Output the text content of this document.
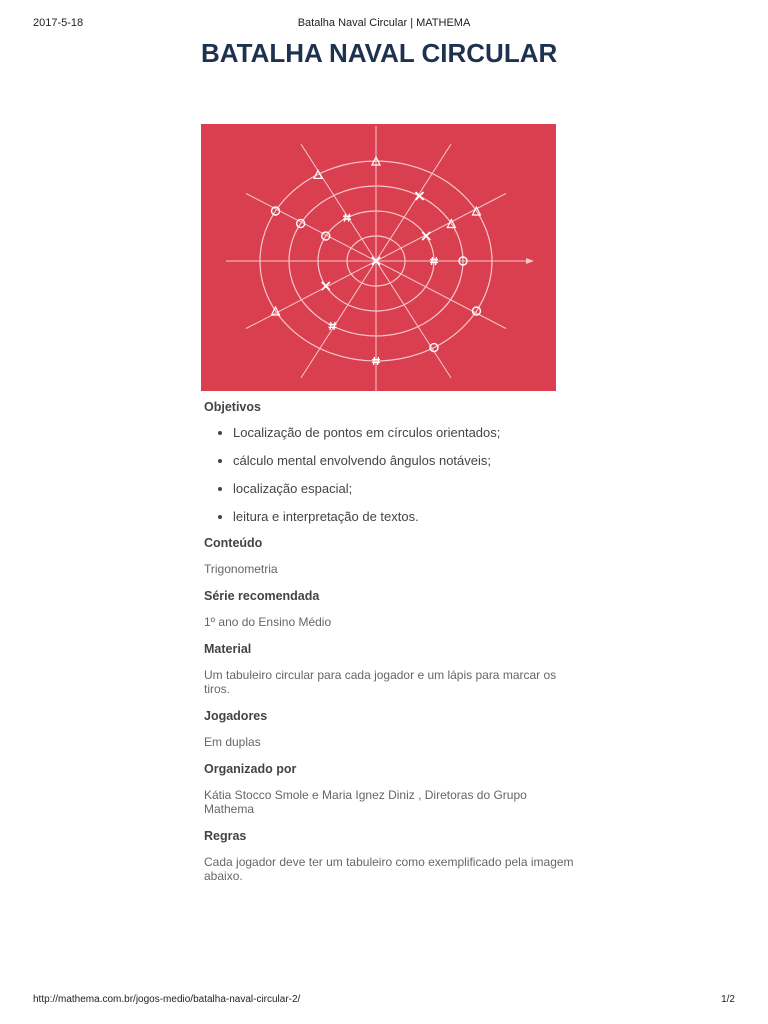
2017-5-18	Batalha Naval Circular | MATHEMA
BATALHA NAVAL CIRCULAR

Objetivos

• Localização de pontos em círculos orientados;
• cálculo mental envolvendo ângulos notáveis;
• localização espacial;
• leitura e interpretação de textos.

Conteúdo

Trigonometria

Série recomendada

1º ano do Ensino Médio

Material

Um tabuleiro circular para cada jogador e um lápis para marcar os tiros.

Jogadores

Em duplas

Organizado por

Kátia Stocco Smole e Maria Ignez Diniz , Diretoras do Grupo Mathema

Regras

Cada jogador deve ter um tabuleiro como exemplificado pela imagem abaixo.

http://mathema.com.br/jogos-medio/batalha-naval-circular-2/	1/2
